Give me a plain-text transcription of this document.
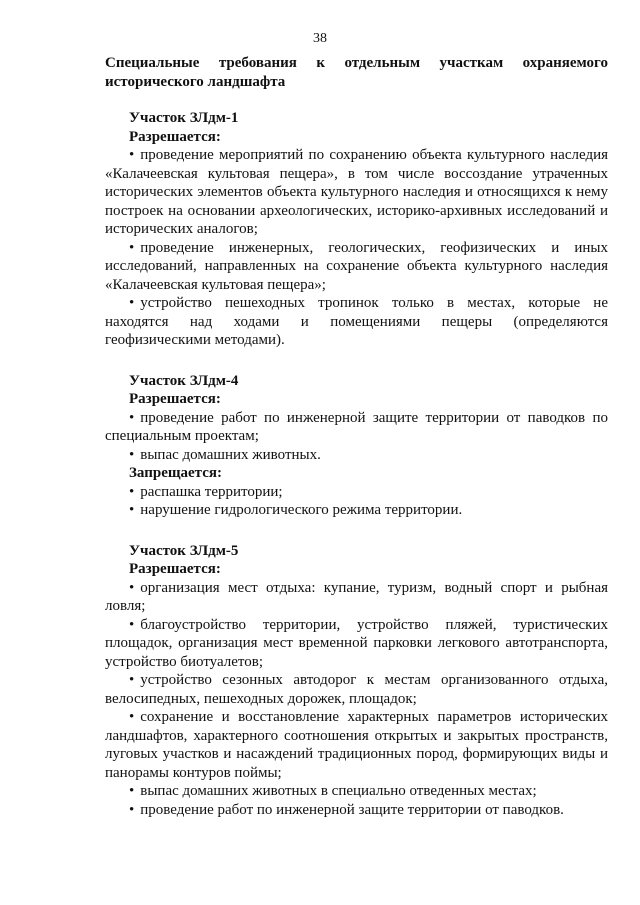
38

Специальные требования к отдельным участкам охраняемого исторического ландшафта

Участок ЗЛдм-1

Разрешается:

• проведение мероприятий по сохранению объекта культурного наследия «Калачеевская культовая пещера», в том числе воссоздание утраченных исторических элементов объекта культурного наследия и относящихся к нему построек на основании археологических, историко-архивных исследований и исторических аналогов;

• проведение инженерных, геологических, геофизических и иных исследований, направленных на сохранение объекта культурного наследия «Калачеевская культовая пещера»;

• устройство пешеходных тропинок только в местах, которые не находятся над ходами и помещениями пещеры (определяются геофизическими методами).

Участок ЗЛдм-4

Разрешается:

• проведение работ по инженерной защите территории от паводков по специальным проектам;

• выпас домашних животных.

Запрещается:

• распашка территории;

• нарушение гидрологического режима территории.

Участок ЗЛдм-5

Разрешается:

• организация мест отдыха: купание, туризм, водный спорт и рыбная ловля;

• благоустройство территории, устройство пляжей, туристических площадок, организация мест временной парковки легкового автотранспорта, устройство биотуалетов;

• устройство сезонных автодорог к местам организованного отдыха, велосипедных, пешеходных дорожек, площадок;

• сохранение и восстановление характерных параметров исторических ландшафтов, характерного соотношения открытых и закрытых пространств, луговых участков и насаждений традиционных пород, формирующих виды и панорамы контуров поймы;

• выпас домашних животных в специально отведенных местах;

• проведение работ по инженерной защите территории от паводков.
